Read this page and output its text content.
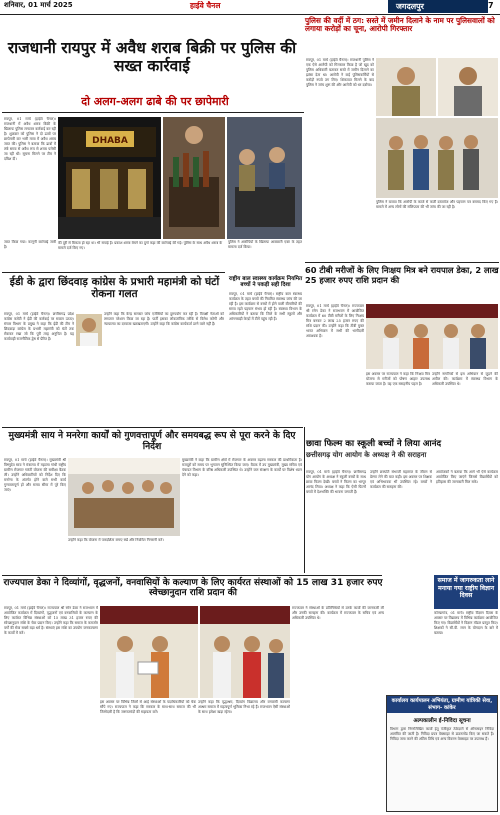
शनिवार, 01 मार्च 2025	हाईवे चैनल	जगदलपुर	7
राजधानी रायपुर में अवैध शराब बिक्री पर पुलिस की सख्त कार्रवाई
दो अलग-अलग ढाबे की पर छापेमारी
रायपुर, 01 मार्च (हाईवे चैनल)। राजधानी में अवैध शराब बिक्री के खिलाफ पुलिस लगातार कार्रवाई कर रही है। शुक्रवार को पुलिस ने दो ढाबों पर छापेमारी कर भारी मात्रा में अवैध शराब जब्त की। पुलिस ने बताया कि ढाबों में लंबे समय से अवैध रूप से शराब परोसी जा रही थी। सूचना मिलने पर टीम ने दबिश दी।
DHABA
की दूरी से बिकता हो रहा था। भी सपाई है। प्रकाश शराब बेचने का दुर्गा कहा की कार्रवाई की गई। पुलिस के साथ अवैध शराब के मामले दर्ज किए गए।
जब्त किया गया। कानूनी कार्रवाई जारी है।
पुलिस ने आरोपियों के खिलाफ आबकारी एक्ट के तहत मामला दर्ज किया।
ईडी के द्वारा छिंदवाड़ कांग्रेस के प्रभारी महामंत्री को घंटों रोकना गलत
रायपुर, 01 मार्च (हाईवे चैनल)। छत्तीसगढ़ प्रदेश कांग्रेस कमेटी ने ईडी की कार्रवाई पर सवाल उठाए। संचार विभाग के प्रमुख ने कहा कि ईडी की टीम ने छिंदवाड़ा कांग्रेस के प्रभारी महामंत्री को घंटों तक रोककर रखा जो कि पूरी तरह अनुचित है। यह कार्यवाही राजनीतिक द्वेष से प्रेरित है।
उन्होंने कहा कि केन्द्र सरकार जांच एजेंसियों का दुरुपयोग कर रही है। विपक्षी नेताओं को लगातार परेशान किया जा रहा है। पार्टी इसका लोकतांत्रिक तरीके से विरोध करेगी और न्यायालय का दरवाजा खटखटाएगी। उन्होंने कहा कि कांग्रेस कार्यकर्ता डरने वाले नहीं हैं।
राष्ट्रीय बाल स्वास्थ्य कार्यक्रम नियमित बच्चों ने पकड़ी सही दिशा
रायपुर, 01 मार्च (हाईवे चैनल)। राष्ट्रीय बाल स्वास्थ्य कार्यक्रम के तहत बच्चों की नियमित स्वास्थ्य जांच की जा रही है। इस कार्यक्रम से बच्चों में होने वाली बीमारियों की समय रहते पहचान संभव हो रही है। स्वास्थ्य विभाग के अधिकारियों ने बताया कि जिले के सभी स्कूलों और आंगनबाड़ी केन्द्रों में टीमें पहुंच रही हैं।
पुलिस की वर्दी में ठग: सस्ते में जमीन दिलाने के नाम पर पुलिसवालों को लगाया करोड़ों का चूना, आरोपी गिरफ्तार
रायपुर, 01 मार्च (हाईवे चैनल)। राजधानी पुलिस ने एक ऐसे आरोपी को गिरफ्तार किया है जो खुद को पुलिस अधिकारी बताकर सस्ते में जमीन दिलाने का झांसा देता था। आरोपी ने कई पुलिसकर्मियों से करोड़ों रुपये ठग लिए। शिकायत मिलने के बाद पुलिस ने जांच शुरू की और आरोपी को धर दबोचा।
पुलिस ने बताया कि आरोपी के कब्जे से फर्जी दस्तावेज और पहचान पत्र बरामद किए गए हैं। मामले में अन्य लोगों की संलिप्तता की भी जांच की जा रही है।
60 टीबी मरीजों के लिए निःक्षय मित्र बने रायपाल डेका, 2 लाख 25 हजार रुपए राशि प्रदान की
रायपुर, 01 मार्च (हाईवे चैनल)। राज्यपाल श्री रमेन डेका ने राजभवन में आयोजित कार्यक्रम में 60 टीबी मरीजों के लिए निःक्षय मित्र बनकर 2 लाख 25 हजार रुपए की राशि प्रदान की। उन्होंने कहा कि टीबी मुक्त भारत अभियान में सभी की भागीदारी आवश्यक है।
इस अवसर पर राज्यपाल ने कहा कि निःक्षय मित्र योजना से मरीजों को पोषण आहार उपलब्ध कराया जाता है। यह एक सराहनीय पहल है।
उन्होंने नागरिकों से इस अभियान से जुड़ने की अपील की। कार्यक्रम में स्वास्थ्य विभाग के अधिकारी उपस्थित थे।
मुख्यमंत्री साय ने मनरेगा कार्यों को गुणवत्तापूर्ण और समयबद्ध रूप से पूरा करने के दिए निर्देश
रायपुर, 01 मार्च (हाईवे चैनल)। मुख्यमंत्री श्री विष्णुदेव साय ने मंत्रालय में महात्मा गांधी राष्ट्रीय ग्रामीण रोजगार गारंटी योजना की समीक्षा बैठक ली। उन्होंने अधिकारियों को निर्देश दिए कि मनरेगा के अंतर्गत होने वाले सभी कार्य गुणवत्तापूर्ण हों और समय सीमा में पूरे किए जाएं।
मुख्यमंत्री ने कहा कि ग्रामीण क्षेत्रों में रोजगार के अवसर बढ़ाना सरकार की प्राथमिकता है। मजदूरों को समय पर भुगतान सुनिश्चित किया जाए। बैठक में उप मुख्यमंत्री, मुख्य सचिव एवं पंचायत विभाग के वरिष्ठ अधिकारी उपस्थित थे। उन्होंने जल संरक्षण के कार्यों पर विशेष ध्यान देने को कहा।
उन्होंने कहा कि योजना में पारदर्शिता बनाए रखें और नियमित निगरानी करें।
छावा फिल्म का स्कूली बच्चों ने लिया आनंद
छत्तीसगढ़ योग आयोग के अध्यक्ष ने की सराहना
रायपुर, 01 मार्च (हाईवे चैनल)। छत्तीसगढ़ योग आयोग के अध्यक्ष ने स्कूली बच्चों के साथ छावा फिल्म देखी। बच्चों ने फिल्म का भरपूर आनंद लिया। अध्यक्ष ने कहा कि ऐसी फिल्में बच्चों में देशभक्ति की भावना जगाती हैं।
उन्होंने छत्रपति संभाजी महाराज के जीवन से प्रेरणा लेने की बात कही। इस अवसर पर शिक्षक एवं अभिभावक भी उपस्थित रहे। बच्चों ने कार्यक्रम की सराहना की।
आयोजकों ने बताया कि आगे भी ऐसे कार्यक्रम आयोजित किए जाएंगे जिससे विद्यार्थियों को इतिहास की जानकारी मिल सके।
राज्यपाल डेका ने दिव्यांगों, वृद्धजनों, वनवासियों के कल्याण के लिए कार्यरत संस्थाओं को 15 लाख 31 हजार रुपए स्वेच्छानुदान राशि प्रदान की
रायपुर, 01 मार्च (हाईवे चैनल)। राज्यपाल श्री रमेन डेका ने राजभवन में आयोजित कार्यक्रम में दिव्यांगों, वृद्धजनों एवं वनवासियों के कल्याण के लिए कार्यरत विभिन्न संस्थाओं को 15 लाख 31 हजार रुपए की स्वेच्छानुदान राशि के चेक प्रदान किए। उन्होंने कहा कि समाज के कमजोर वर्गों की सेवा सबसे बड़ा धर्म है। संस्थाएं इस राशि का उपयोग जनकल्याण के कार्यों में करें।
राज्यपाल ने संस्थाओं के प्रतिनिधियों से उनके कार्यों की जानकारी ली और उनकी सराहना की। कार्यक्रम में राज्यपाल के सचिव एवं अन्य अधिकारी उपस्थित थे।
इस अवसर पर विभिन्न जिलों से आई संस्थाओं के पदाधिकारियों को चेक सौंपे गए। राज्यपाल ने कहा कि सरकार के साथ-साथ समाज की भी जिम्मेदारी है कि जरूरतमंदों की सहायता करें।
उन्होंने कहा कि वृद्धाश्रम, दिव्यांग विद्यालय और वनवासी कल्याण आश्रम समाज में महत्वपूर्ण भूमिका निभा रहे हैं। राजभवन ऐसी संस्थाओं के साथ हमेशा खड़ा रहेगा।
समाज में जागरुकता लाने मनाया गया राष्ट्रीय विज्ञान दिवस
कोण्डागांव, 01 मार्च। राष्ट्रीय विज्ञान दिवस के अवसर पर विद्यालय में विभिन्न कार्यक्रम आयोजित किए गए। विद्यार्थियों ने विज्ञान मॉडल प्रस्तुत किए। शिक्षकों ने सी.वी. रमन के योगदान के बारे में बताया।
कार्यालय कार्यपालन अभियंता, ग्रामीण यांत्रिकी सेवा, संभाग- कांकेर
अल्पकालीन ई-निविदा सूचना
विभाग द्वारा निम्नलिखित कार्यों हेतु पंजीकृत ठेकेदारों से ऑनलाइन निविदा आमंत्रित की जाती है। निविदा प्रपत्र वेबसाइट से डाउनलोड किए जा सकते हैं। निविदा जमा करने की अंतिम तिथि एवं अन्य विवरण वेबसाइट पर उपलब्ध हैं।
